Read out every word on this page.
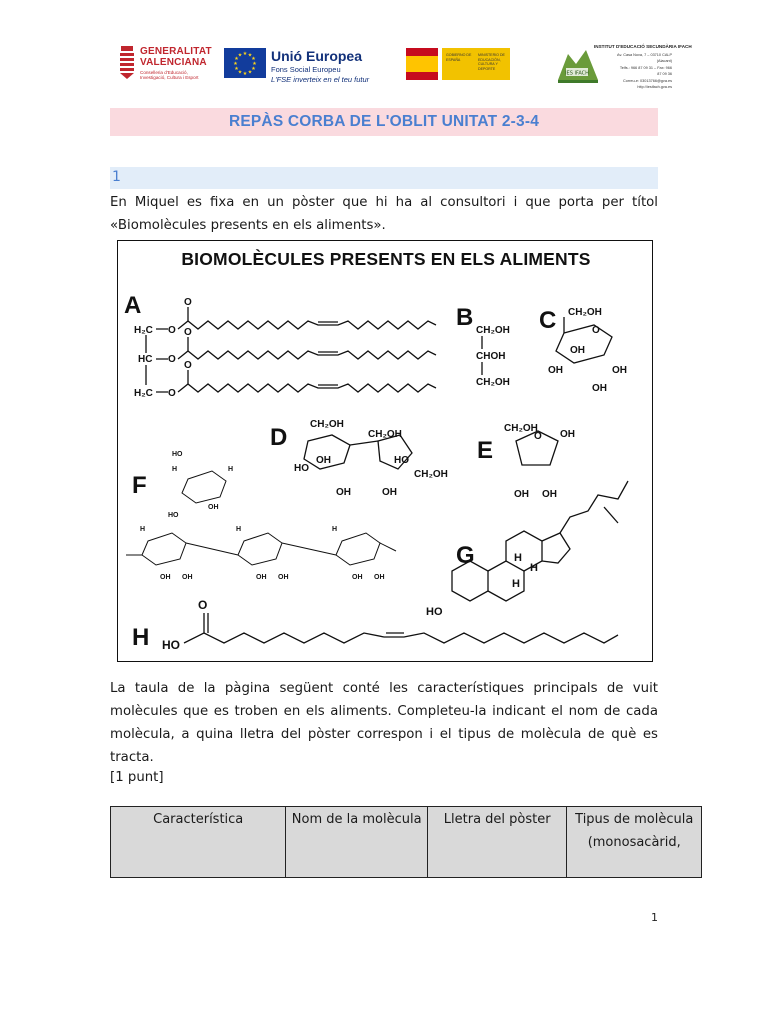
GENERALITAT
VALENCIANA
Conselleria d'Educació, Investigació, Cultura i Esport
★ ★
★
★
★
★
★
★
★
★
★
★ Unió Europea
Fons Social Europeu
L'FSE inverteix en el teu futur
GOBIERNO DE ESPAÑA
MINISTERIO DE EDUCACIÓN, CULTURA Y DEPORTE
IES IFACH
INSTITUT D'EDUCACIÓ SECUNDÀRIA IFACH
Av. Casa Nova, 7 – 03710 CALP (Alacant)
Telfs.: 966 87 09 31 – Fax: 966 87 09 36
Correu-e: 03013766@gva.es
http://iesifach.gva.es
REPÀS CORBA DE L'OBLIT UNITAT 2-3-4
1
En Miquel es fixa en un pòster que hi ha al consultori i que porta per títol «Biomolècules presents en els aliments».
BIOMOLÈCULES PRESENTS EN ELS ALIMENTS
A	B	C
D	E
F
G
H
H₂C
HC
H₂C
O
O
O
O
O
O
CH₂OH
CHOH
CH₂OH
CH₂OH
O
OH
OH	OH
OH
CH₂OH
CH₂OH
HO
OH
OH
HO
CH₂OH
OH
CH₂OH
O OH
OH OH
HO
OH
HO
OH OH	OH OH	OH OH
H	H
H	H	H
HO
H
H
H
HO
O
La taula de la pàgina següent conté les característiques principals de vuit molècules que es troben en els aliments. Completeu-la indicant el nom de cada molècula, a quina lletra del pòster correspon i el tipus de molècula de què es tracta.
[1 punt]
Característica	Nom de la molècula	Lletra del pòster	Tipus de molècula (monosacàrid,
1
